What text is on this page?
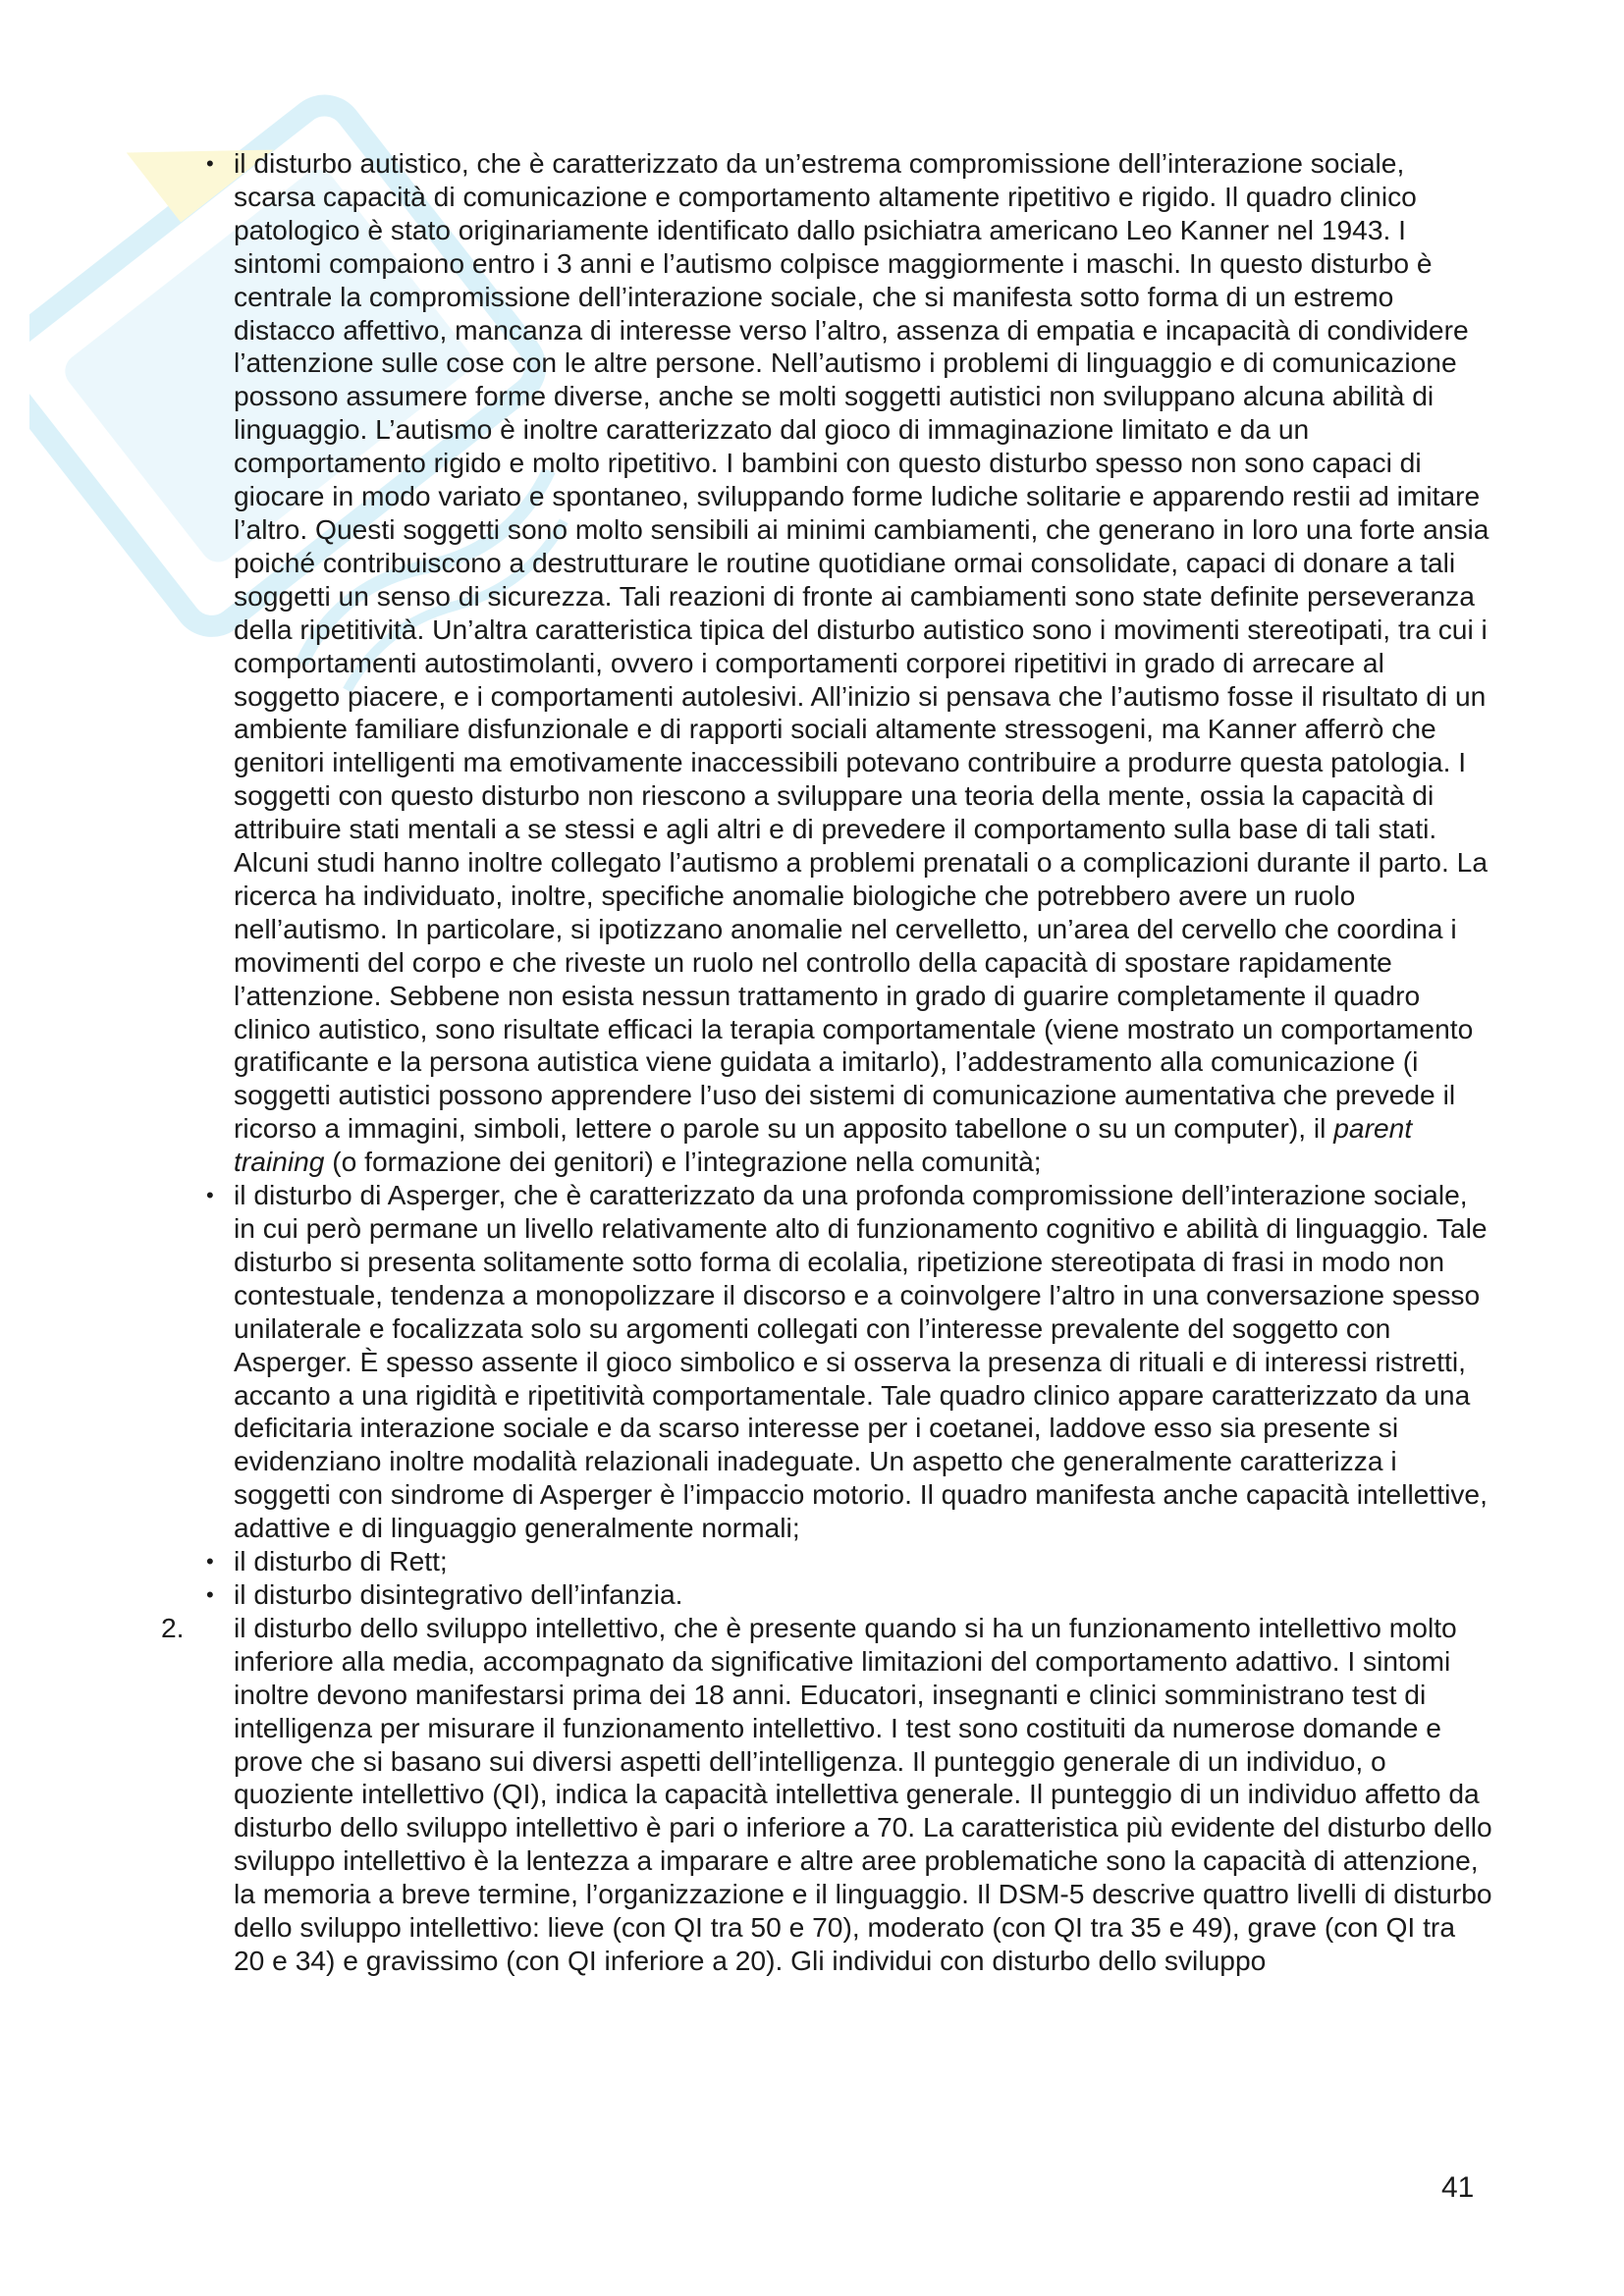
• il disturbo autistico, che è caratterizzato da un’estrema compromissione dell’interazione sociale, scarsa capacità di comunicazione e comportamento altamente ripetitivo e rigido. Il quadro clinico patologico è stato originariamente identificato dallo psichiatra americano Leo Kanner nel 1943. I sintomi compaiono entro i 3 anni e l’autismo colpisce maggiormente i maschi. In questo disturbo è centrale la compromissione dell’interazione sociale, che si manifesta sotto forma di un estremo distacco affettivo, mancanza di interesse verso l’altro, assenza di empatia e incapacità di condividere l’attenzione sulle cose con le altre persone. Nell’autismo i problemi di linguaggio e di comunicazione possono assumere forme diverse, anche se molti soggetti autistici non sviluppano alcuna abilità di linguaggio. L’autismo è inoltre caratterizzato dal gioco di immaginazione limitato e da un comportamento rigido e molto ripetitivo. I bambini con questo disturbo spesso non sono capaci di giocare in modo variato e spontaneo, sviluppando forme ludiche solitarie e apparendo restii ad imitare l’altro. Questi soggetti sono molto sensibili ai minimi cambiamenti, che generano in loro una forte ansia poiché contribuiscono a destrutturare le routine quotidiane ormai consolidate, capaci di donare a tali soggetti un senso di sicurezza. Tali reazioni di fronte ai cambiamenti sono state definite perseveranza della ripetitività. Un’altra caratteristica tipica del disturbo autistico sono i movimenti stereotipati, tra cui i comportamenti autostimolanti, ovvero i comportamenti corporei ripetitivi in grado di arrecare al soggetto piacere, e i comportamenti autolesivi. All’inizio si pensava che l’autismo fosse il risultato di un ambiente familiare disfunzionale e di rapporti sociali altamente stressogeni, ma Kanner afferrò che genitori intelligenti ma emotivamente inaccessibili potevano contribuire a produrre questa patologia. I soggetti con questo disturbo non riescono a sviluppare una teoria della mente, ossia la capacità di attribuire stati mentali a se stessi e agli altri e di prevedere il comportamento sulla base di tali stati. Alcuni studi hanno inoltre collegato l’autismo a problemi prenatali o a complicazioni durante il parto. La ricerca ha individuato, inoltre, specifiche anomalie biologiche che potrebbero avere un ruolo nell’autismo. In particolare, si ipotizzano anomalie nel cervelletto, un’area del cervello che coordina i movimenti del corpo e che riveste un ruolo nel controllo della capacità di spostare rapidamente l’attenzione. Sebbene non esista nessun trattamento in grado di guarire completamente il quadro clinico autistico, sono risultate efficaci la terapia comportamentale (viene mostrato un comportamento gratificante e la persona autistica viene guidata a imitarlo), l’addestramento alla comunicazione (i soggetti autistici possono apprendere l’uso dei sistemi di comunicazione aumentativa che prevede il ricorso a immagini, simboli, lettere o parole su un apposito tabellone o su un computer), il parent training (o formazione dei genitori) e l’integrazione nella comunità;
• il disturbo di Asperger, che è caratterizzato da una profonda compromissione dell’interazione sociale, in cui però permane un livello relativamente alto di funzionamento cognitivo e abilità di linguaggio. Tale disturbo si presenta solitamente sotto forma di ecolalia, ripetizione stereotipata di frasi in modo non contestuale, tendenza a monopolizzare il discorso e a coinvolgere l’altro in una conversazione spesso unilaterale e focalizzata solo su argomenti collegati con l’interesse prevalente del soggetto con Asperger. È spesso assente il gioco simbolico e si osserva la presenza di rituali e di interessi ristretti, accanto a una rigidità e ripetitività comportamentale. Tale quadro clinico appare caratterizzato da una deficitaria interazione sociale e da scarso interesse per i coetanei, laddove esso sia presente si evidenziano inoltre modalità relazionali inadeguate. Un aspetto che generalmente caratterizza i soggetti con sindrome di Asperger è l’impaccio motorio. Il quadro manifesta anche capacità intellettive, adattive e di linguaggio generalmente normali;
• il disturbo di Rett;
• il disturbo disintegrativo dell’infanzia.
2. il disturbo dello sviluppo intellettivo, che è presente quando si ha un funzionamento intellettivo molto inferiore alla media, accompagnato da significative limitazioni del comportamento adattivo. I sintomi inoltre devono manifestarsi prima dei 18 anni. Educatori, insegnanti e clinici somministrano test di intelligenza per misurare il funzionamento intellettivo. I test sono costituiti da numerose domande e prove che si basano sui diversi aspetti dell’intelligenza. Il punteggio generale di un individuo, o quoziente intellettivo (QI), indica la capacità intellettiva generale. Il punteggio di un individuo affetto da disturbo dello sviluppo intellettivo è pari o inferiore a 70. La caratteristica più evidente del disturbo dello sviluppo intellettivo è la lentezza a imparare e altre aree problematiche sono la capacità di attenzione, la memoria a breve termine, l’organizzazione e il linguaggio. Il DSM-5 descrive quattro livelli di disturbo dello sviluppo intellettivo: lieve (con QI tra 50 e 70), moderato (con QI tra 35 e 49), grave (con QI tra 20 e 34) e gravissimo (con QI inferiore a 20). Gli individui con disturbo dello sviluppo
41
